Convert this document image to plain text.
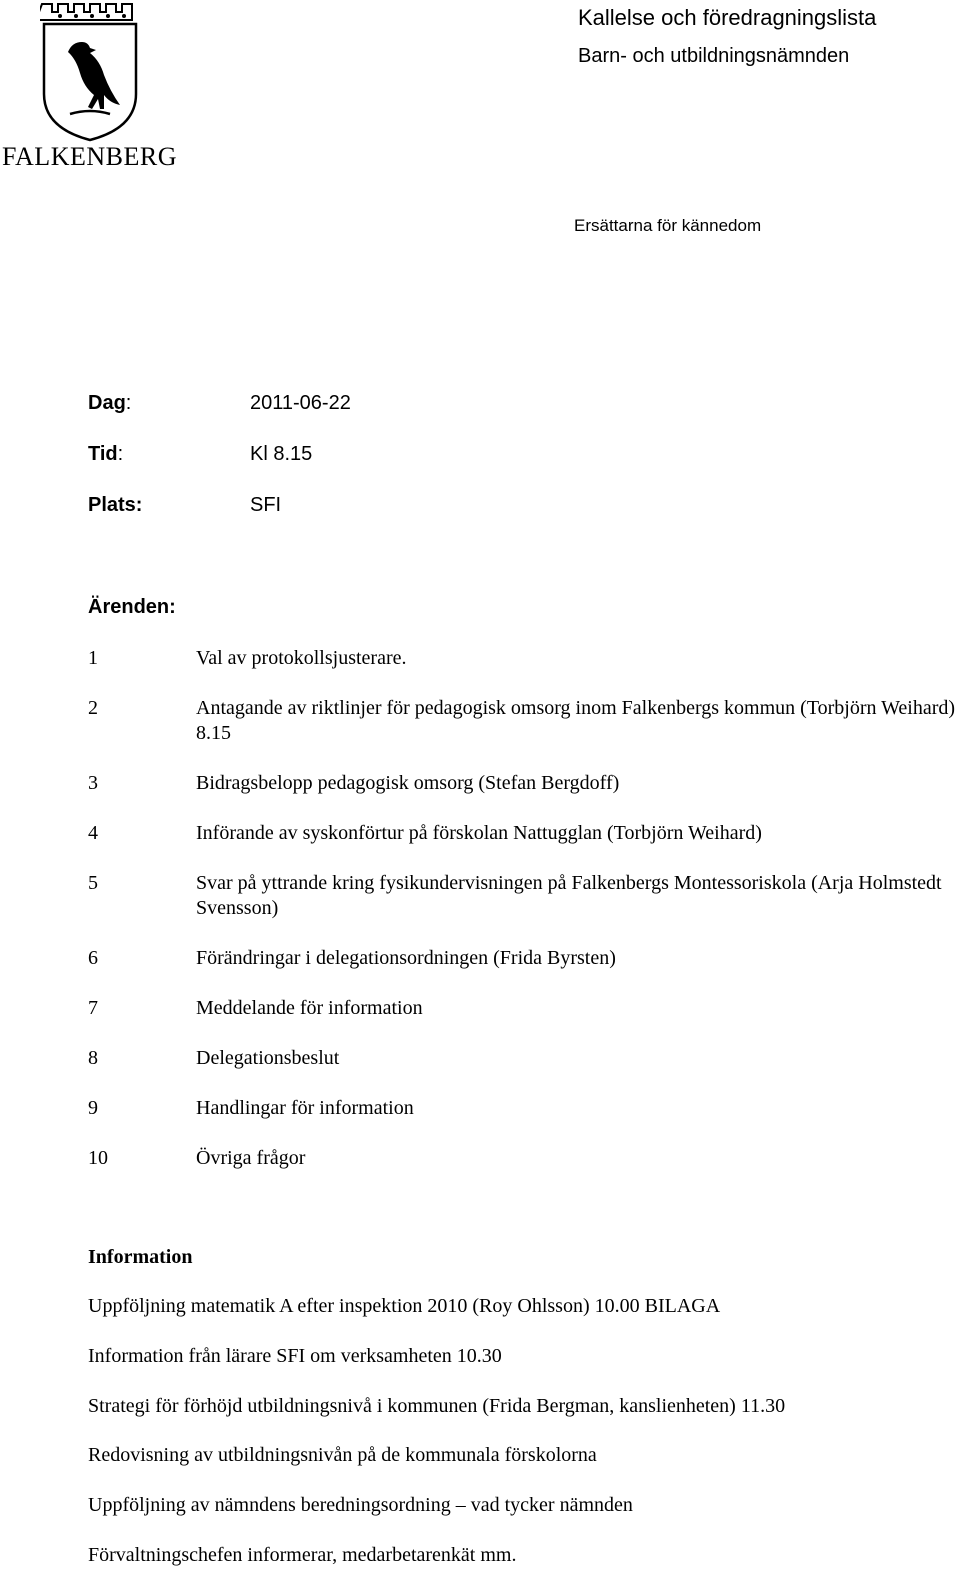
FALKENBERG
Kallelse och föredragningslista
Barn- och utbildningsnämnden
Ersättarna för kännedom
Dag:	2011-06-22
Tid:	Kl 8.15
Plats:	SFI
Ärenden:
1	Val av protokollsjusterare.
2	Antagande av riktlinjer för pedagogisk omsorg inom Falkenbergs kommun (Torbjörn Weihard) 8.15
3	Bidragsbelopp pedagogisk omsorg (Stefan Bergdoff)
4	Införande av syskonförtur på förskolan Nattugglan (Torbjörn Weihard)
5	Svar på yttrande kring fysikundervisningen på Falkenbergs Montessoriskola (Arja Holmstedt Svensson)
6	Förändringar i delegationsordningen (Frida Byrsten)
7	Meddelande för information
8	Delegationsbeslut
9	Handlingar för information
10	Övriga frågor
Information
Uppföljning matematik A efter inspektion 2010 (Roy Ohlsson) 10.00 BILAGA
Information från lärare SFI om verksamheten 10.30
Strategi för förhöjd utbildningsnivå i kommunen (Frida Bergman, kanslienheten) 11.30
Redovisning av utbildningsnivån på de kommunala förskolorna
Uppföljning av nämndens beredningsordning – vad tycker nämnden
Förvaltningschefen informerar, medarbetarenkät mm.
